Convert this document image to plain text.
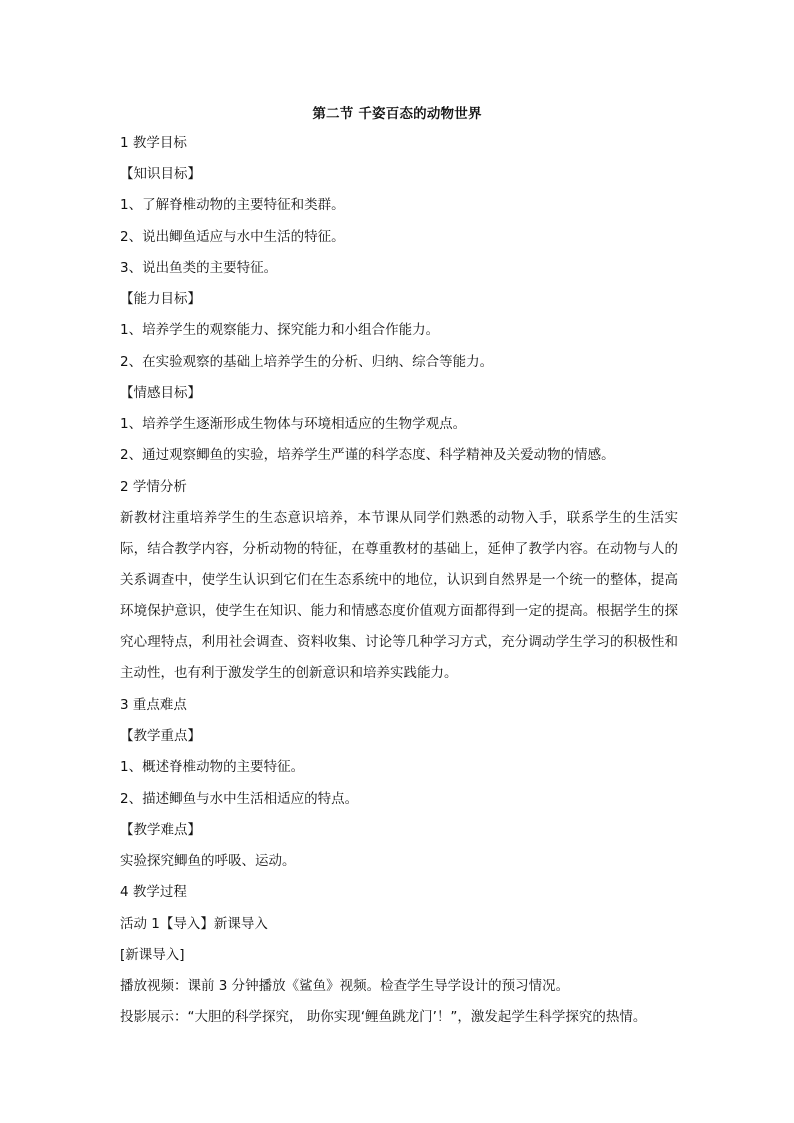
第二节 千姿百态的动物世界
1 教学目标
【知识目标】
1、了解脊椎动物的主要特征和类群。
2、说出鲫鱼适应与水中生活的特征。
3、说出鱼类的主要特征。
【能力目标】
1、培养学生的观察能力、探究能力和小组合作能力。
2、在实验观察的基础上培养学生的分析、归纳、综合等能力。
【情感目标】
1、培养学生逐渐形成生物体与环境相适应的生物学观点。
2、通过观察鲫鱼的实验，培养学生严谨的科学态度、科学精神及关爱动物的情感。
2 学情分析
新教材注重培养学生的生态意识培养，本节课从同学们熟悉的动物入手，联系学生的生活实际，结合教学内容，分析动物的特征，在尊重教材的基础上，延伸了教学内容。在动物与人的关系调查中，使学生认识到它们在生态系统中的地位，认识到自然界是一个统一的整体，提高环境保护意识，使学生在知识、能力和情感态度价值观方面都得到一定的提高。根据学生的探究心理特点，利用社会调查、资料收集、讨论等几种学习方式，充分调动学生学习的积极性和主动性，也有利于激发学生的创新意识和培养实践能力。
3 重点难点
【教学重点】
1、概述脊椎动物的主要特征。
2、描述鲫鱼与水中生活相适应的特点。
【教学难点】
实验探究鲫鱼的呼吸、运动。
4 教学过程
活动 1【导入】新课导入
[新课导入]
播放视频：课前 3 分钟播放《鲨鱼》视频。检查学生导学设计的预习情况。
投影展示：“大胆的科学探究， 助你实现‘鲤鱼跳龙门’！”，激发起学生科学探究的热情。
